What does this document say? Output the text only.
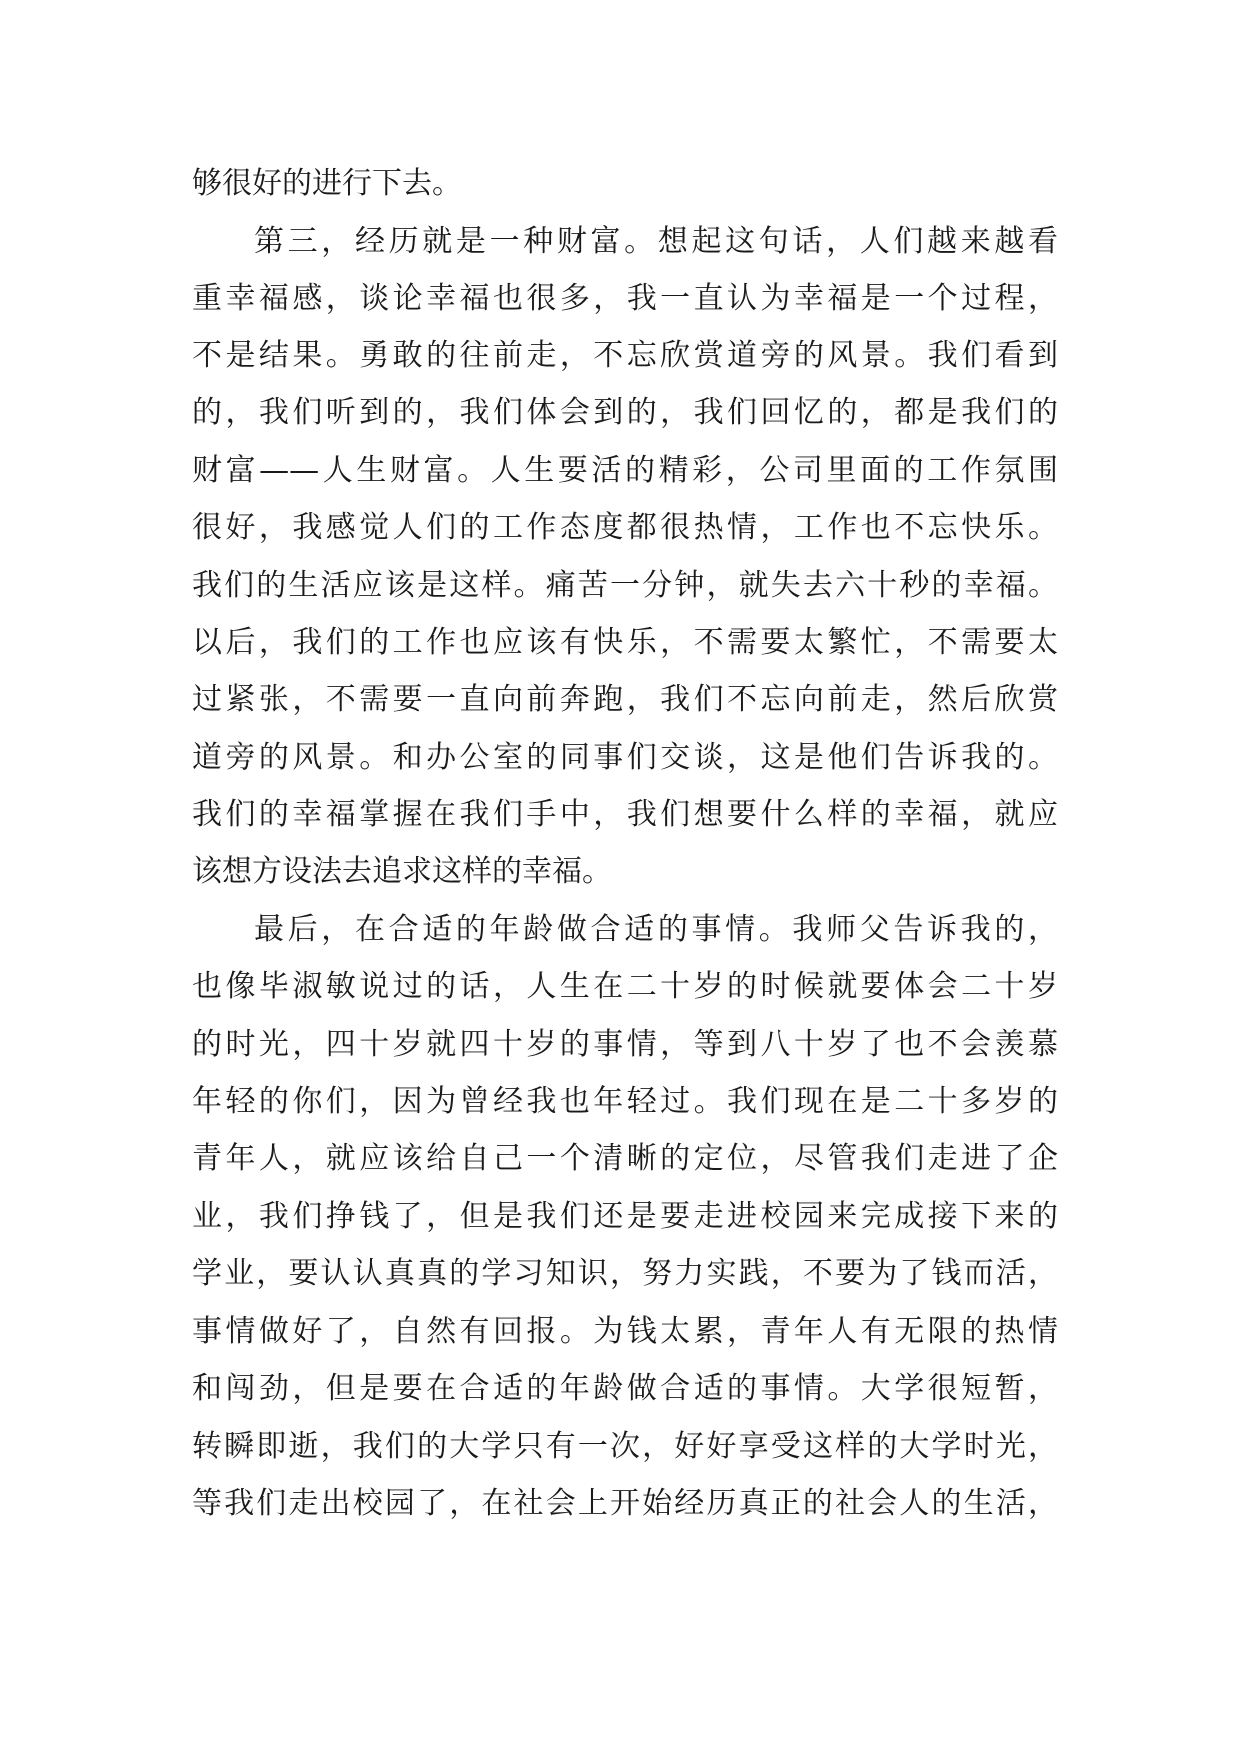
够很好的进行下去。

第三，经历就是一种财富。想起这句话，人们越来越看

重幸福感，谈论幸福也很多，我一直认为幸福是一个过程，

不是结果。勇敢的往前走，不忘欣赏道旁的风景。我们看到

的，我们听到的，我们体会到的，我们回忆的，都是我们的

财富——人生财富。人生要活的精彩，公司里面的工作氛围

很好，我感觉人们的工作态度都很热情，工作也不忘快乐。

我们的生活应该是这样。痛苦一分钟，就失去六十秒的幸福。

以后，我们的工作也应该有快乐，不需要太繁忙，不需要太

过紧张，不需要一直向前奔跑，我们不忘向前走，然后欣赏

道旁的风景。和办公室的同事们交谈，这是他们告诉我的。

我们的幸福掌握在我们手中，我们想要什么样的幸福，就应

该想方设法去追求这样的幸福。

最后，在合适的年龄做合适的事情。我师父告诉我的，

也像毕淑敏说过的话，人生在二十岁的时候就要体会二十岁

的时光，四十岁就四十岁的事情，等到八十岁了也不会羡慕

年轻的你们，因为曾经我也年轻过。我们现在是二十多岁的

青年人，就应该给自己一个清晰的定位，尽管我们走进了企

业，我们挣钱了，但是我们还是要走进校园来完成接下来的

学业，要认认真真的学习知识，努力实践，不要为了钱而活，

事情做好了，自然有回报。为钱太累，青年人有无限的热情

和闯劲，但是要在合适的年龄做合适的事情。大学很短暂，

转瞬即逝，我们的大学只有一次，好好享受这样的大学时光，

等我们走出校园了，在社会上开始经历真正的社会人的生活，
